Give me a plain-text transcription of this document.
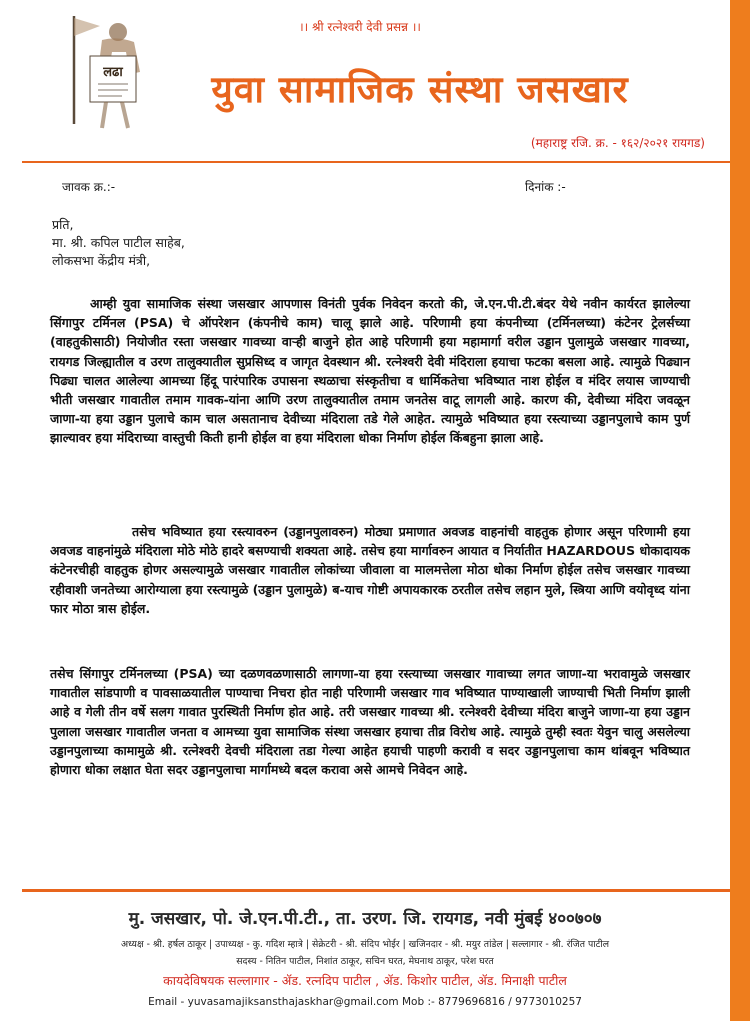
लढा
।। श्री रत्नेश्वरी देवी प्रसन्न ।।
युवा सामाजिक संस्था जसखार
(महाराष्ट्र रजि. क्र. - १६२/२०२१ रायगड)
जावक क्र.:-	दिनांक :-
प्रति,
मा. श्री. कपिल पाटील साहेब,
लोकसभा केंद्रीय मंत्री,
आम्ही युवा सामाजिक संस्था जसखार आपणास विनंती पुर्वक निवेदन करतो की, जे.एन.पी.टी.बंदर येथे नवीन कार्यरत झालेल्या सिंगापुर टर्मिनल (PSA) चे ऑपरेशन (कंपनीचे काम) चालू झाले आहे. परिणामी हया कंपनीच्या (टर्मिनलच्या) कंटेनर ट्रेलर्सच्या (वाहतुकीसाठी) नियोजीत रस्ता जसखार गावच्या वाऱ्ही बाजुने होत आहे परिणामी हया महामार्गा वरील उड्डान पुलामुळे जसखार गावच्या, रायगड जिल्ह्यातील व उरण तालुक्यातील सुप्रसिध्द व जागृत देवस्थान श्री. रत्नेश्वरी देवी मंदिराला हयाचा फटका बसला आहे. त्यामुळे पिढ्यान पिढ्या चालत आलेल्या आमच्या हिंदू पारंपारिक उपासना स्थळाचा संस्कृतीचा व धार्मिकतेचा भविष्यात नाश होईल व मंदिर लयास जाण्याची भीती जसखार गावातील तमाम गावक-यांना आणि उरण तालुक्यातील तमाम जनतेस वाटू लागली आहे. कारण की, देवीच्या मंदिरा जवळून जाणा-या हया उड्डान पुलाचे काम चाल असतानाच देवीच्या मंदिराला तडे गेले आहेत. त्यामुळे भविष्यात हया रस्त्याच्या उड्डानपुलाचे काम पुर्ण झाल्यावर हया मंदिराच्या वास्तुची किती हानी होईल वा हया मंदिराला धोका निर्माण होईल किंबहुना झाला आहे.
तसेच भविष्यात हया रस्त्यावरुन (उड्डानपुलावरुन) मोठ्या प्रमाणात अवजड वाहनांची वाहतुक होणार असून परिणामी हया अवजड वाहनांमुळे मंदिराला मोठे मोठे हादरे बसण्याची शक्यता आहे. तसेच हया मार्गावरुन आयात व निर्यातीत HAZARDOUS धोकादायक कंटेनरचीही वाहतुक होणर असल्यामुळे जसखार गावातील लोकांच्या जीवाला वा मालमत्तेला मोठा धोका निर्माण होईल तसेच जसखार गावच्या रहीवाशी जनतेच्या आरोग्याला हया रस्त्यामुळे (उड्डान पुलामुळे) ब-याच गोष्टी अपायकारक ठरतील तसेच लहान मुले, स्त्रिया आणि वयोवृध्द यांना फार मोठा त्रास होईल.
तसेच सिंगापुर टर्मिनलच्या (PSA) च्या दळणवळणासाठी लागणा-या हया रस्त्याच्या जसखार गावाच्या लगत जाणा-या भरावामुळे जसखार गावातील सांडपाणी व पावसाळयातील पाण्याचा निचरा होत नाही परिणामी जसखार गाव भविष्यात पाण्याखाली जाण्याची भिती निर्माण झाली आहे व गेली तीन वर्षे सलग गावात पुरस्थिती निर्माण होत आहे. तरी जसखार गावच्या श्री. रत्नेश्वरी देवीच्या मंदिरा बाजुने जाणा-या हया उड्डान पुलाला जसखार गावातील जनता व आमच्या युवा सामाजिक संस्था जसखार हयाचा तीव्र विरोध आहे. त्यामुळे तुम्ही स्वतः येवुन चालु असलेल्या उड्डानपुलाच्या कामामुळे श्री. रत्नेश्वरी देवची मंदिराला तडा गेल्या आहेत हयाची पाहणी करावी व सदर उड्डानपुलाचा काम थांबवून भविष्यात होणारा धोका लक्षात घेता सदर उड्डानपुलाचा मार्गामध्ये बदल करावा असे आमचे निवेदन आहे.
मु. जसखार, पो. जे.एन.पी.टी., ता. उरण. जि. रायगड, नवी मुंबई ४००७०७
अध्यक्ष - श्री. हर्षल ठाकूर | उपाध्यक्ष - कु. गदिश म्हात्रे | सेक्रेटरी - श्री. संदिप भोईर | खजिनदार - श्री. मयुर तांडेल | सल्लागार - श्री. रंजित पाटील
सदस्य - नितिन पाटील, निशांत ठाकूर, सचिन घरत, मेघनाथ ठाकूर, परेश घरत
कायदेविषयक सल्लागार - ॲड. रत्नदिप पाटील , ॲड. किशोर पाटील, ॲड. मिनाक्षी पाटील
Email - yuvasamajiksansthajaskhar@gmail.com Mob :- 8779696816 / 9773010257
